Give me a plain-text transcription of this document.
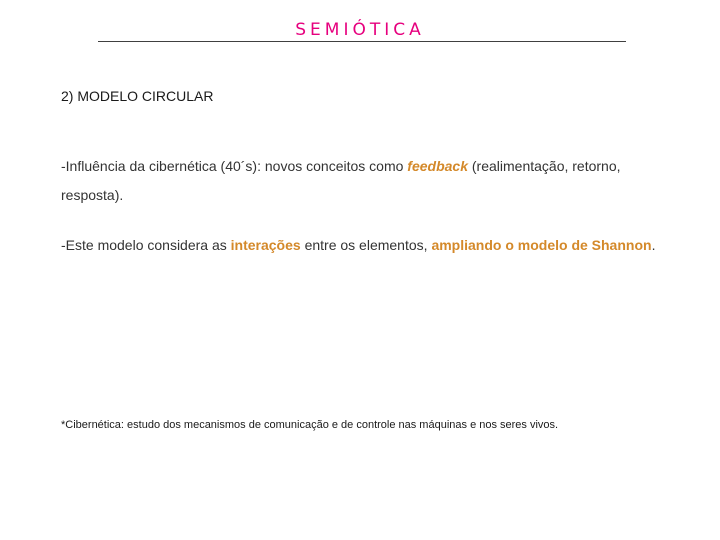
SEMIÓTICA
2) MODELO CIRCULAR
-Influência da cibernética (40´s): novos conceitos como feedback (realimentação, retorno, resposta).
-Este modelo considera as interações entre os elementos, ampliando o modelo de Shannon.
*Cibernética: estudo dos mecanismos de comunicação e de controle nas máquinas e nos seres vivos.
